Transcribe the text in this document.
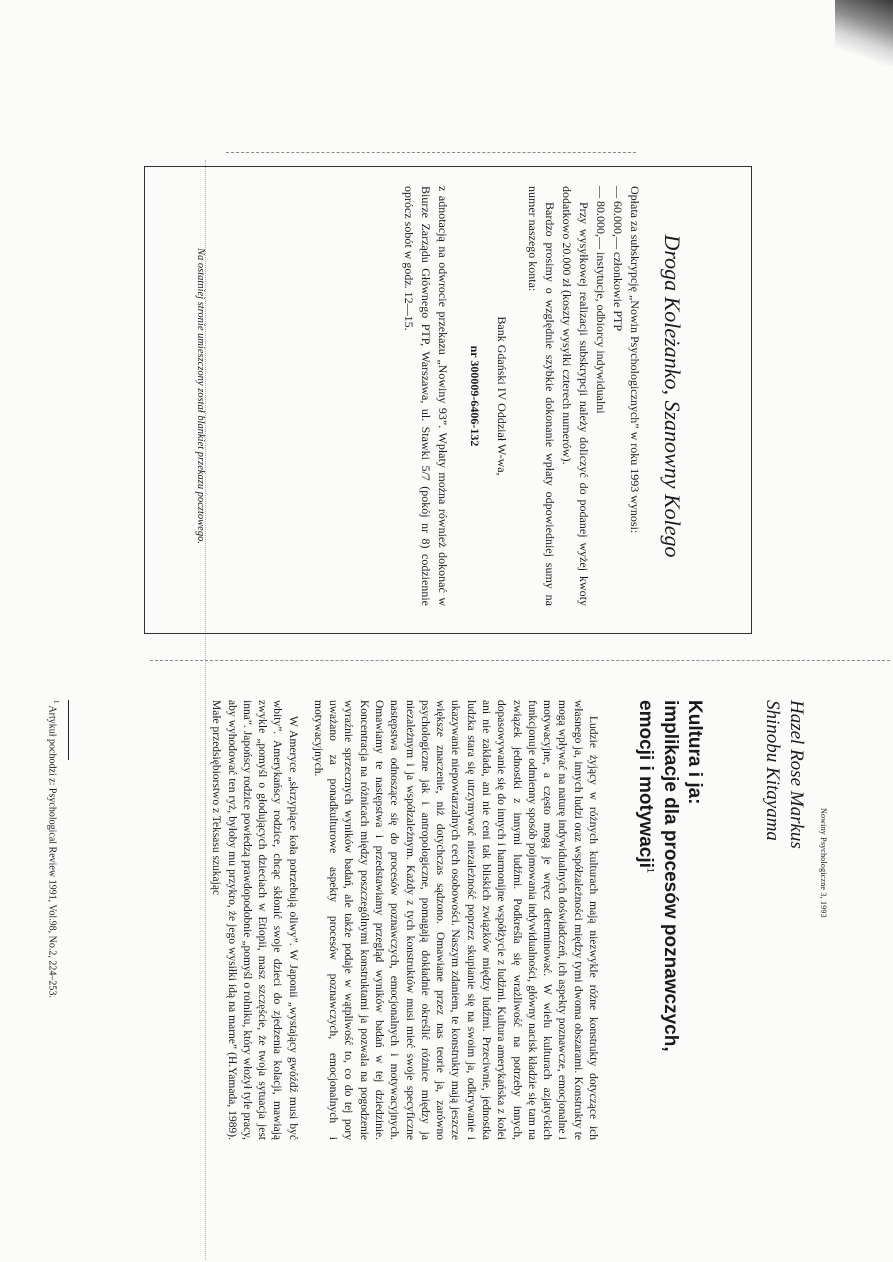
Droga Koleżanko, Szanowny Kolego

Opłata za subskrypcję „Nowin Psychologicznych” w roku 1993 wynosi:

— 60.000,— członkowie PTP

— 80.000,— instytucje, odbiorcy indywidualni

Przy wysyłkowej realizacji subskrypcji należy doliczyć do podanej wyżej kwoty dodatkowo 20.000 zł (koszty wysyłki czterech numerów).

Bardzo prosimy o względnie szybkie dokonanie wpłaty odpowiedniej sumy na numer naszego konta:

Bank Gdański IV Oddział W-wa,

nr 300009-6406-132

z adnotacją na odwrocie przekazu „Nowiny 93”. Wpłaty można również dokonać w Biurze Zarządu Głównego PTP, Warszawa, ul. Stawki 5/7 (pokój nr 8) codziennie oprócz sobót w godz. 12—15.

Na ostatniej stronie umieszczony został blankiet przekazu pocztowego.

Nowiny Psychologiczne 3, 1993

Hazel Rose Markus

Shinobu Kitayama

Kultura i ja:

implikacje dla procesów poznawczych,

emocji i motywacji$^1$

Ludzie żyjący w różnych kulturach mają niezwykle różne konstrukty dotyczące ich własnego ja, innych ludzi oraz współzależności między tymi dwoma obszarami. Konstrukty te mogą wpływać na naturę indywidualnych doświadczeń, ich aspekty poznawcze, emocjonalne i motywacyjne, a często mogą je wręcz determinować. W wielu kulturach azjatyckich funkcjonuje odmienny sposób pojmowania indywidualności, główny nacisk kładzie się tam na związek jednostki z innymi ludźmi. Podkreśla się wrażliwość na potrzeby innych, dopasowywanie się do innych i harmonijne współżycie z ludźmi. Kultura amerykańska z kolei ani nie zakłada, ani nie ceni tak bliskich związków między ludźmi. Przeciwnie, jednostka ludzka stara się utrzymywać niezależność poprzez skupianie się na swoim ja, odkrywanie i ukazywanie niepowtarzalnych cech osobowości. Naszym zdaniem, te konstrukty mają jeszcze większe znaczenie, niż dotychczas sądzono. Omawiane przez nas teorie ja, zarówno psychologiczne jak i antropologiczne, pomagają dokładnie określić różnice między ja niezależnym i ja współzależnym. Każdy z tych konstruktów musi mieć swoje specyficzne następstwa odnoszące się do procesów poznawczych, emocjonalnych i motywacyjnych. Omawiamy te następstwa i przedstawiamy przegląd wyników badań w tej dziedzinie. Koncentracja na różnicach między poszczególnymi konstruktami ja pozwala na pogodzenie wyraźnie sprzecznych wyników badań, ale także podaje w wątpliwość to, co do tej pory uważano za ponadkulturowe aspekty procesów poznawczych, emocjonalnych i motywacyjnych.

W Ameryce „skrzypiące koła potrzebują oliwy”. W Japonii „wystający gwóźdź musi być wbity”. Amerykańscy rodzice, chcąc skłonić swoje dzieci do zjedzenia kolacji, mawiają zwykle „pomyśl o głodujących dzieciach w Etiopii, masz szczęście, że twoja sytuacja jest inna”. Japońscy rodzice powiedzą prawdopodobnie „pomyśl o rolniku, który włożył tyle pracy, aby wyhodować ten ryż, byłoby mu przykro, że jego wysiłki idą na marne” (H.Yamada, 1989). Małe przedsiębiorstwo z Teksasu szukając

$^1$ Artykuł pochodzi z: Psychological Review 1991, Vol.98, No.2, 224–253.
